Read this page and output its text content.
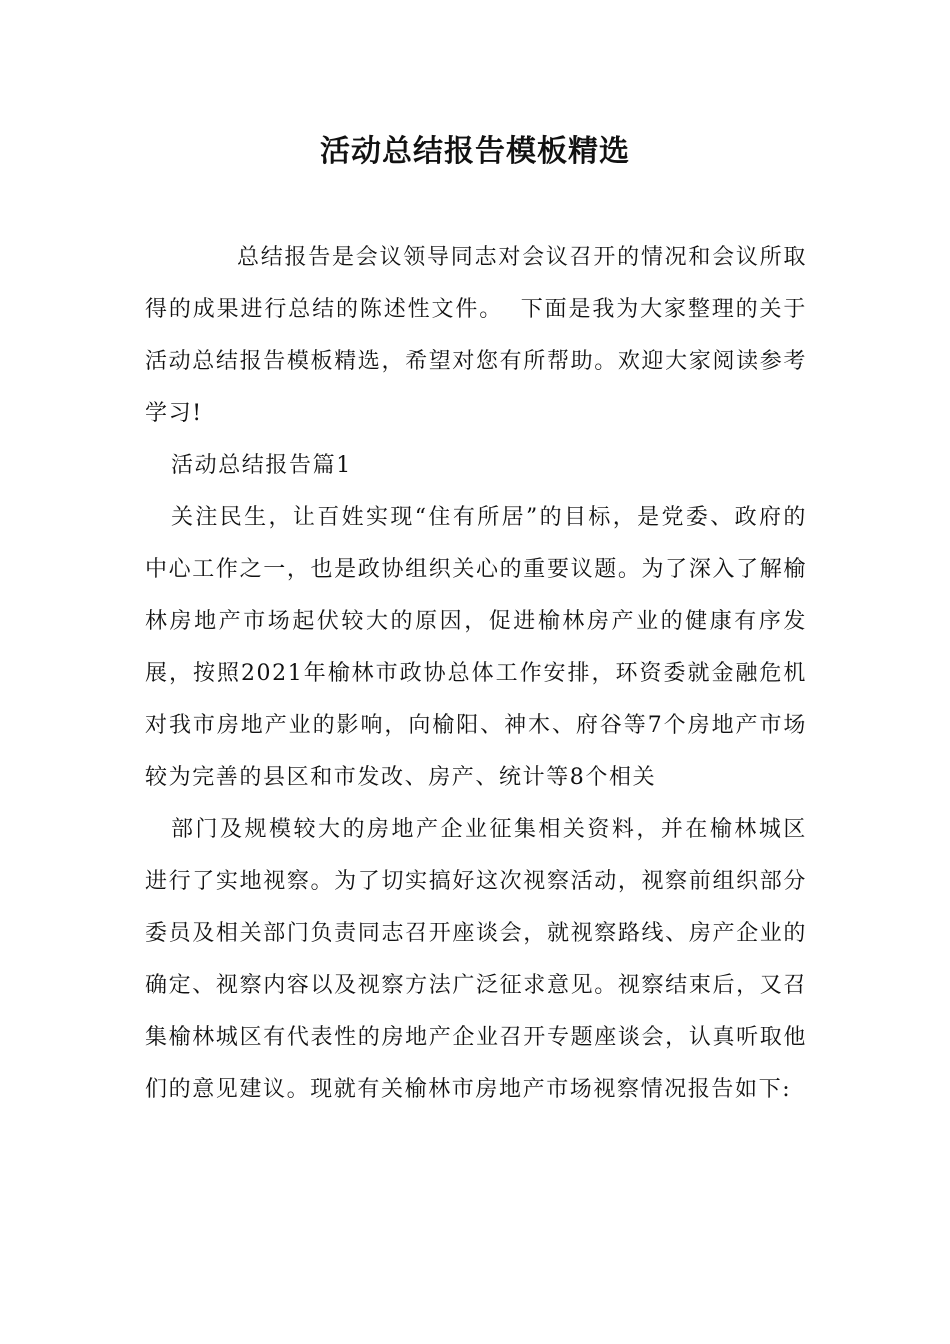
活动总结报告模板精选

总结报告是会议领导同志对会议召开的情况和会议所取得的成果进行总结的陈述性文件。  下面是我为大家整理的关于活动总结报告模板精选，希望对您有所帮助。欢迎大家阅读参考学习!

活动总结报告篇1

关注民生，让百姓实现“住有所居”的目标，是党委、政府的中心工作之一，也是政协组织关心的重要议题。为了深入了解榆林房地产市场起伏较大的原因，促进榆林房产业的健康有序发展，按照2021年榆林市政协总体工作安排，环资委就金融危机对我市房地产业的影响，向榆阳、神木、府谷等7个房地产市场较为完善的县区和市发改、房产、统计等8个相关

部门及规模较大的房地产企业征集相关资料，并在榆林城区进行了实地视察。为了切实搞好这次视察活动，视察前组织部分委员及相关部门负责同志召开座谈会，就视察路线、房产企业的确定、视察内容以及视察方法广泛征求意见。视察结束后，又召集榆林城区有代表性的房地产企业召开专题座谈会，认真听取他们的意见建议。现就有关榆林市房地产市场视察情况报告如下:
